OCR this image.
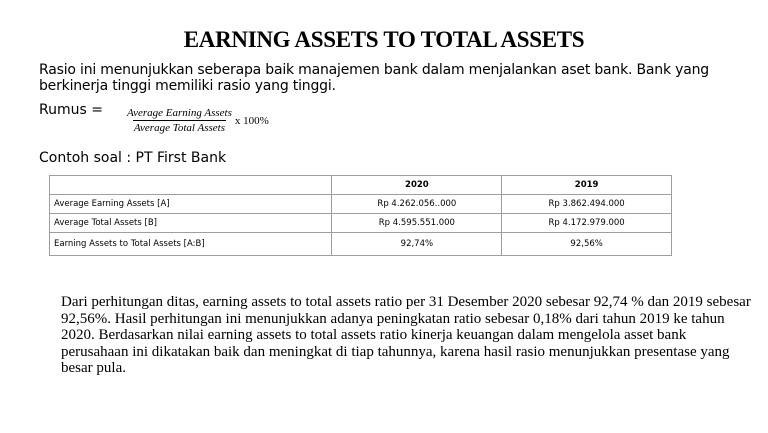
EARNING ASSETS TO TOTAL ASSETS
Rasio ini menunjukkan seberapa baik manajemen bank dalam menjalankan aset bank. Bank yang berkinerja tinggi memiliki rasio yang tinggi.
Rumus = $\frac{\text{Average Earning Assets}}{\text{Average Total Assets}}$ x 100%
Contoh soal : PT First Bank
	2020	2019
Average Earning Assets [A]	Rp 4.262.056..000	Rp 3.862.494.000
Average Total Assets [B]	Rp 4.595.551.000	Rp 4.172.979.000
Earning Assets to Total Assets [A:B]	92,74%	92,56%
Dari perhitungan ditas, earning assets to total assets ratio per 31 Desember 2020 sebesar 92,74 % dan 2019 sebesar 92,56%. Hasil perhitungan ini menunjukkan adanya peningkatan ratio sebesar 0,18% dari tahun 2019 ke tahun 2020. Berdasarkan nilai earning assets to total assets ratio kinerja keuangan dalam mengelola asset bank perusahaan ini dikatakan baik dan meningkat di tiap tahunnya, karena hasil rasio menunjukkan presentase yang besar pula.
